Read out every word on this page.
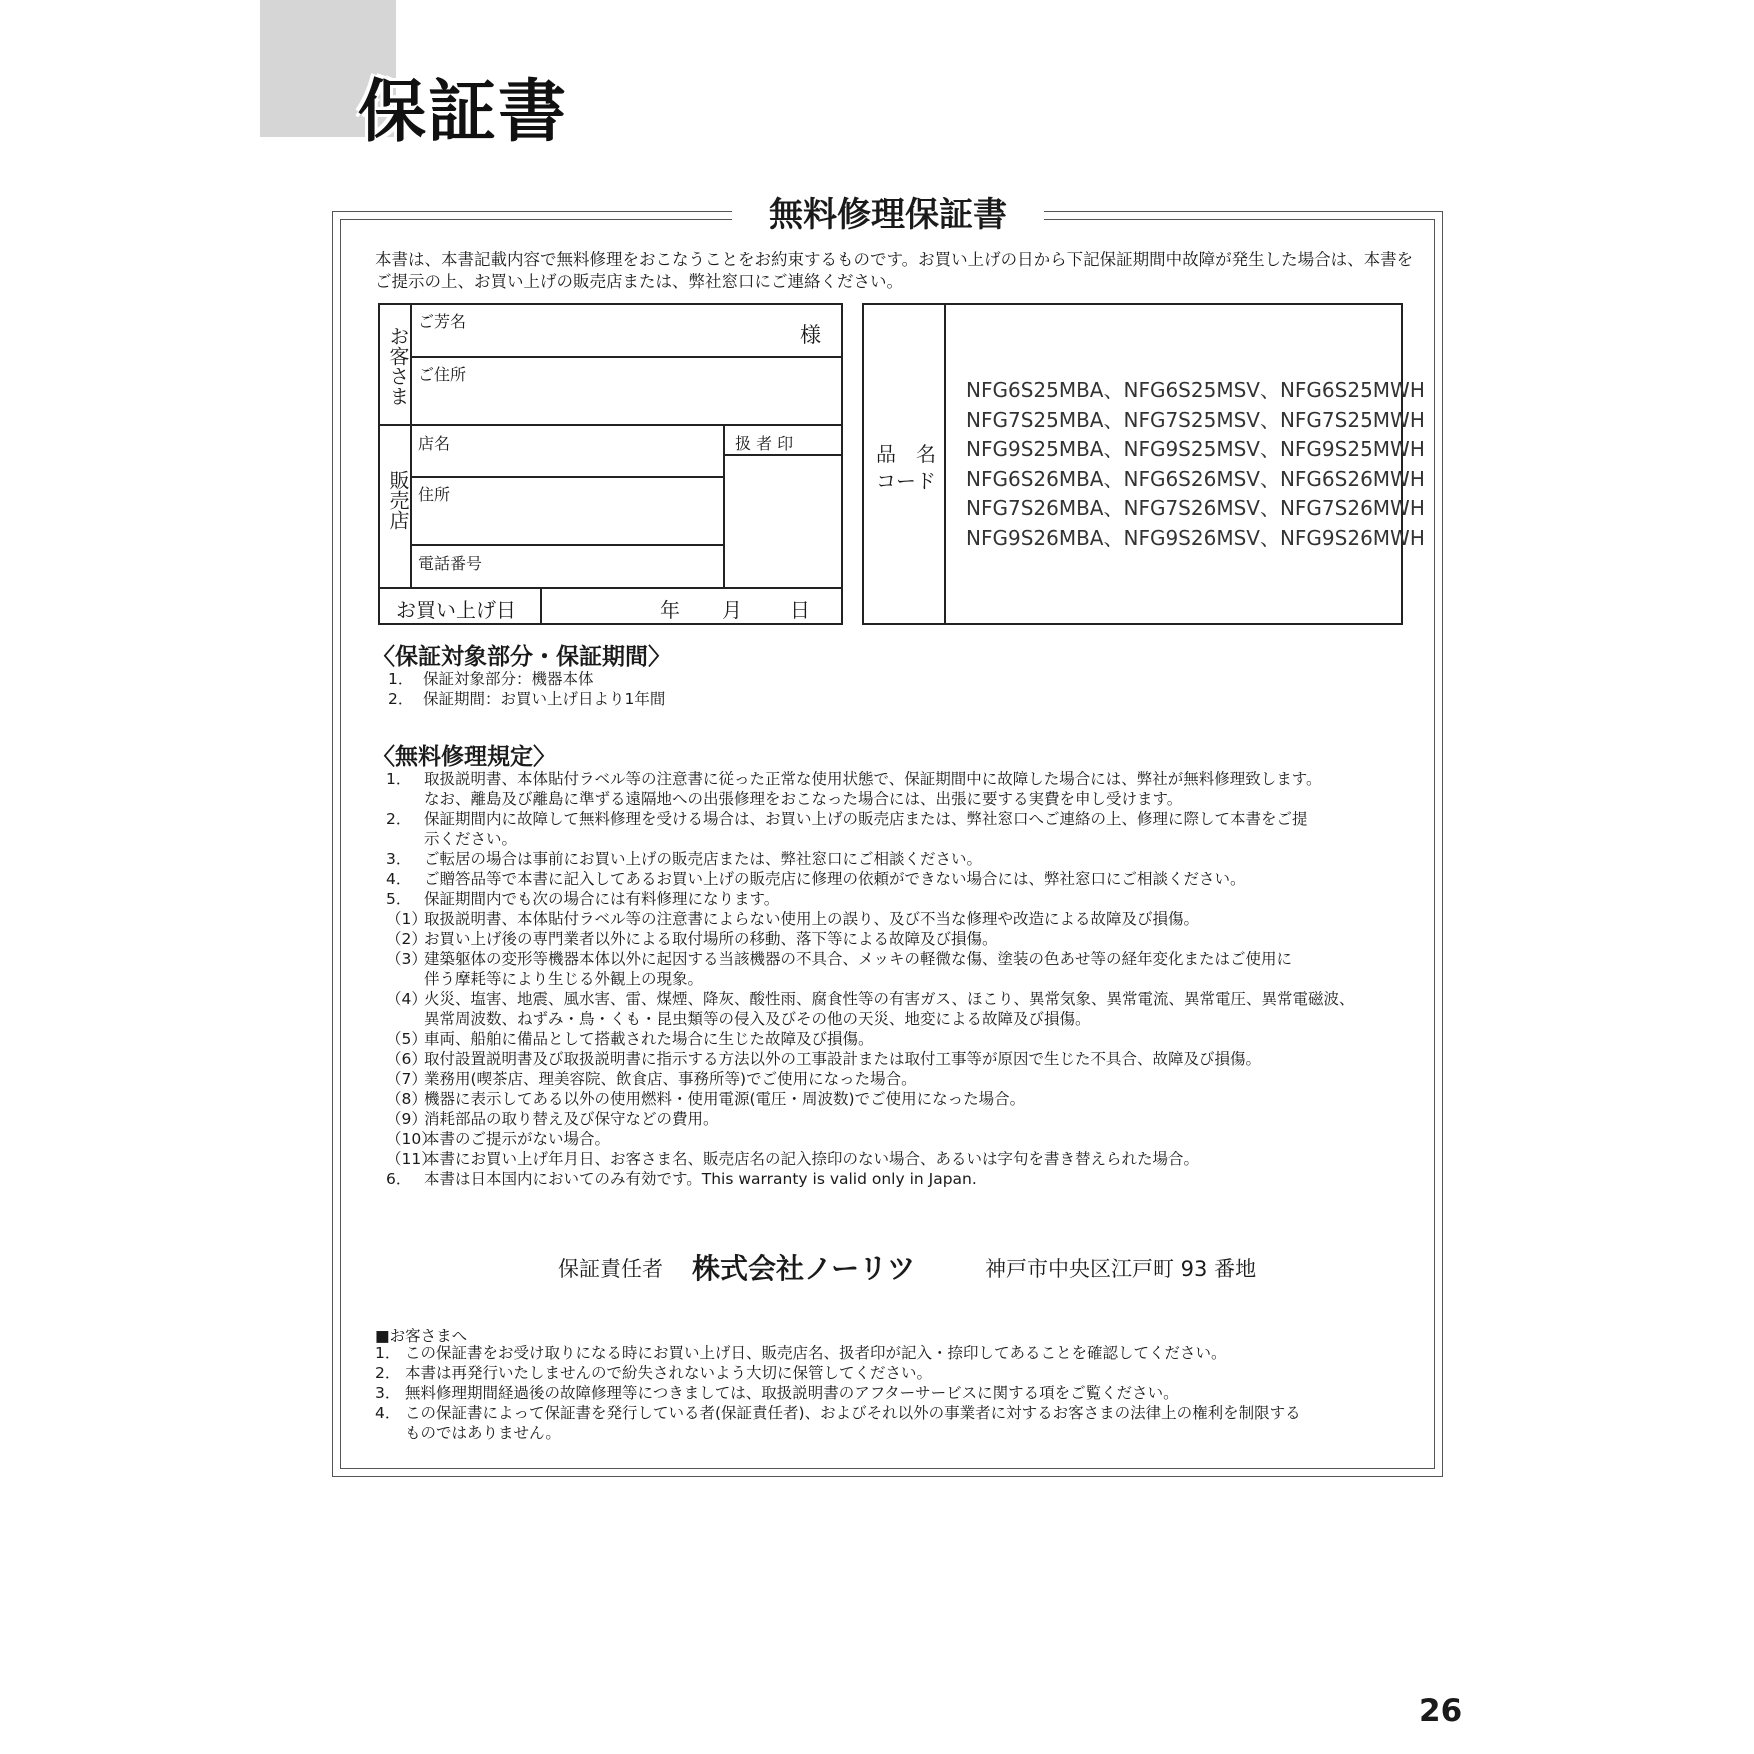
保証書
無料修理保証書

本書は、本書記載内容で無料修理をおこなうことをお約束するものです。お買い上げの日から下記保証期間中故障が発生した場合は、本書をご提示の上、お買い上げの販売店または、弊社窓口にご連絡ください。

お客さま
ご芳名
様
ご住所
販売店
店名
住所
電話番号
扱 者 印
お買い上げ日	年 月 日
品　名
コード
NFG6S25MBA、NFG6S25MSV、NFG6S25MWH
NFG7S25MBA、NFG7S25MSV、NFG7S25MWH
NFG9S25MBA、NFG9S25MSV、NFG9S25MWH
NFG6S26MBA、NFG6S26MSV、NFG6S26MWH
NFG7S26MBA、NFG7S26MSV、NFG7S26MWH
NFG9S26MBA、NFG9S26MSV、NFG9S26MWH
〈保証対象部分・保証期間〉
1． 保証対象部分：機器本体
2． 保証期間：お買い上げ日より1年間
〈無料修理規定〉
1． 取扱説明書、本体貼付ラベル等の注意書に従った正常な使用状態で、保証期間中に故障した場合には、弊社が無料修理致します。
なお、離島及び離島に準ずる遠隔地への出張修理をおこなった場合には、出張に要する実費を申し受けます。
2． 保証期間内に故障して無料修理を受ける場合は、お買い上げの販売店または、弊社窓口へご連絡の上、修理に際して本書をご提
示ください。
3． ご転居の場合は事前にお買い上げの販売店または、弊社窓口にご相談ください。
4． ご贈答品等で本書に記入してあるお買い上げの販売店に修理の依頼ができない場合には、弊社窓口にご相談ください。
5． 保証期間内でも次の場合には有料修理になります。
（1）
取扱説明書、本体貼付ラベル等の注意書によらない使用上の誤り、及び不当な修理や改造による故障及び損傷。
（2）
お買い上げ後の専門業者以外による取付場所の移動、落下等による故障及び損傷。
（3）
建築躯体の変形等機器本体以外に起因する当該機器の不具合、メッキの軽微な傷、塗装の色あせ等の経年変化またはご使用に
伴う摩耗等により生じる外観上の現象。
（4）
火災、塩害、地震、風水害、雷、煤煙、降灰、酸性雨、腐食性等の有害ガス、ほこり、異常気象、異常電流、異常電圧、異常電磁波、
異常周波数、ねずみ・鳥・くも・昆虫類等の侵入及びその他の天災、地変による故障及び損傷。
（5）
車両、船舶に備品として搭載された場合に生じた故障及び損傷。
（6）
取付設置説明書及び取扱説明書に指示する方法以外の工事設計または取付工事等が原因で生じた不具合、故障及び損傷。
（7）
業務用(喫茶店、理美容院、飲食店、事務所等)でご使用になった場合。
（8）
機器に表示してある以外の使用燃料・使用電源(電圧・周波数)でご使用になった場合。
（9）
消耗部品の取り替え及び保守などの費用。
（10）
本書のご提示がない場合。
（11）
本書にお買い上げ年月日、お客さま名、販売店名の記入捺印のない場合、あるいは字句を書き替えられた場合。
6． 本書は日本国内においてのみ有効です。This warranty is valid only in Japan.
保証責任者 株式会社ノーリツ	神戸市中央区江戸町 93 番地
■お客さまへ
1． この保証書をお受け取りになる時にお買い上げ日、販売店名、扱者印が記入・捺印してあることを確認してください。
2． 本書は再発行いたしませんので紛失されないよう大切に保管してください。
3． 無料修理期間経過後の故障修理等につきましては、取扱説明書のアフターサービスに関する項をご覧ください。
4． この保証書によって保証書を発行している者(保証責任者)、およびそれ以外の事業者に対するお客さまの法律上の権利を制限する
ものではありません。
26
